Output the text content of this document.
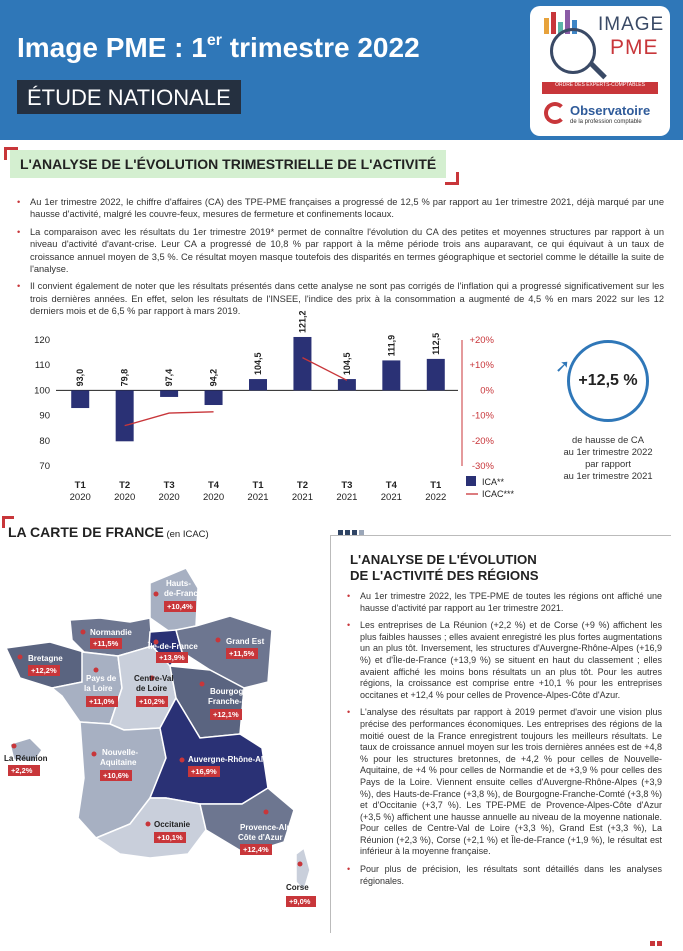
Image PME : 1er trimestre 2022
ÉTUDE NATIONALE
IMAGE
PME
ORDRE DES EXPERTS-COMPTABLES
Observatoire
de la profession comptable
L'ANALYSE DE L'ÉVOLUTION TRIMESTRIELLE DE L'ACTIVITÉ
• Au 1er trimestre 2022, le chiffre d'affaires (CA) des TPE-PME françaises a progressé de 12,5 % par rapport au 1er trimestre 2021, déjà marqué par une hausse d'activité, malgré les couvre-feux, mesures de fermeture et confinements locaux.
• La comparaison avec les résultats du 1er trimestre 2019* permet de connaître l'évolution du CA des petites et moyennes structures par rapport à un niveau d'activité d'avant-crise. Leur CA a progressé de 10,8 % par rapport à la même période trois ans auparavant, ce qui équivaut à un taux de croissance annuel moyen de 3,5 %. Ce résultat moyen masque toutefois des disparités en termes géographique et sectoriel comme le détaille la suite de l'analyse.
• Il convient également de noter que les résultats présentés dans cette analyse ne sont pas corrigés de l'inflation qui a progressé significativement sur les trois dernières années. En effet, selon les résultats de l'INSEE, l'indice des prix à la consommation a augmenté de 4,5 % en mars 2022 sur les 12 derniers mois et de 6,5 % par rapport à mars 2019.
70
80
90
100
110
120
-30%
-20%
-10%
0%
+10%
+20%
93,0	79,8	97,4	94,2
104,5
121,2
104,5
111,9	112,5
T1
2020
T2
2020
T3
2020
T4
2020
T1
2021
T2
2021
T3
2021
T4
2021
T1
2022
ICA**
ICAC***
➚
+12,5 %
de hausse de CA
au 1er trimestre 2022
par rapport
au 1er trimestre 2021
LA CARTE DE FRANCE (en ICAC)
Hauts-
de-France
+10,4%
Normandie
+11,5%	Île-de-France
+13,9%
Grand Est
+11,5%
Bretagne
+12,2%
Pays de
la Loire
+11,0%
Centre-Val
de Loire
+10,2%
Bourgogne-
Franche-Comté
+12,1%
La Réunion
+2,2%
Nouvelle-
Aquitaine
+10,6%
Auvergne-Rhône-Alpes
+16,9%
Occitanie
+10,1%
Provence-Alpes-
Côte d'Azur
+12,4%
Corse
+9,0%
L'ANALYSE DE L'ÉVOLUTION
DE L'ACTIVITÉ DES RÉGIONS
• Au 1er trimestre 2022, les TPE-PME de toutes les régions ont affiché une hausse d'activité par rapport au 1er trimestre 2021.
• Les entreprises de La Réunion (+2,2 %) et de Corse (+9 %) affichent les plus faibles hausses ; elles avaient enregistré les plus fortes augmentations un an plus tôt. Inversement, les structures d'Auvergne-Rhône-Alpes (+16,9 %) et d'Île-de-France (+13,9 %) se situent en haut du classement ; elles avaient affiché les moins bons résultats un an plus tôt. Pour les autres régions, la croissance est comprise entre +10,1 % pour les entreprises occitanes et +12,4 % pour celles de Provence-Alpes-Côte d'Azur.
• L'analyse des résultats par rapport à 2019 permet d'avoir une vision plus précise des performances économiques. Les entreprises des régions de la moitié ouest de la France enregistrent toujours les meilleurs résultats. Le taux de croissance annuel moyen sur les trois dernières années est de +4,8 % pour les structures bretonnes, de +4,2 % pour celles de Nouvelle-Aquitaine, de +4 % pour celles de Normandie et de +3,9 % pour celles des Pays de la Loire. Viennent ensuite celles d'Auvergne-Rhône-Alpes (+3,9 %), des Hauts-de-France (+3,8 %), de Bourgogne-Franche-Comté (+3,8 %) et d'Occitanie (+3,7 %). Les TPE-PME de Provence-Alpes-Côte d'Azur (+3,5 %) affichent une hausse annuelle au niveau de la moyenne nationale. Pour celles de Centre-Val de Loire (+3,3 %), Grand Est (+3,3 %), La Réunion (+2,3 %), Corse (+2,1 %) et Île-de-France (+1,9 %), le résultat est inférieur à la moyenne française.
• Pour plus de précision, les résultats sont détaillés dans les analyses régionales.
